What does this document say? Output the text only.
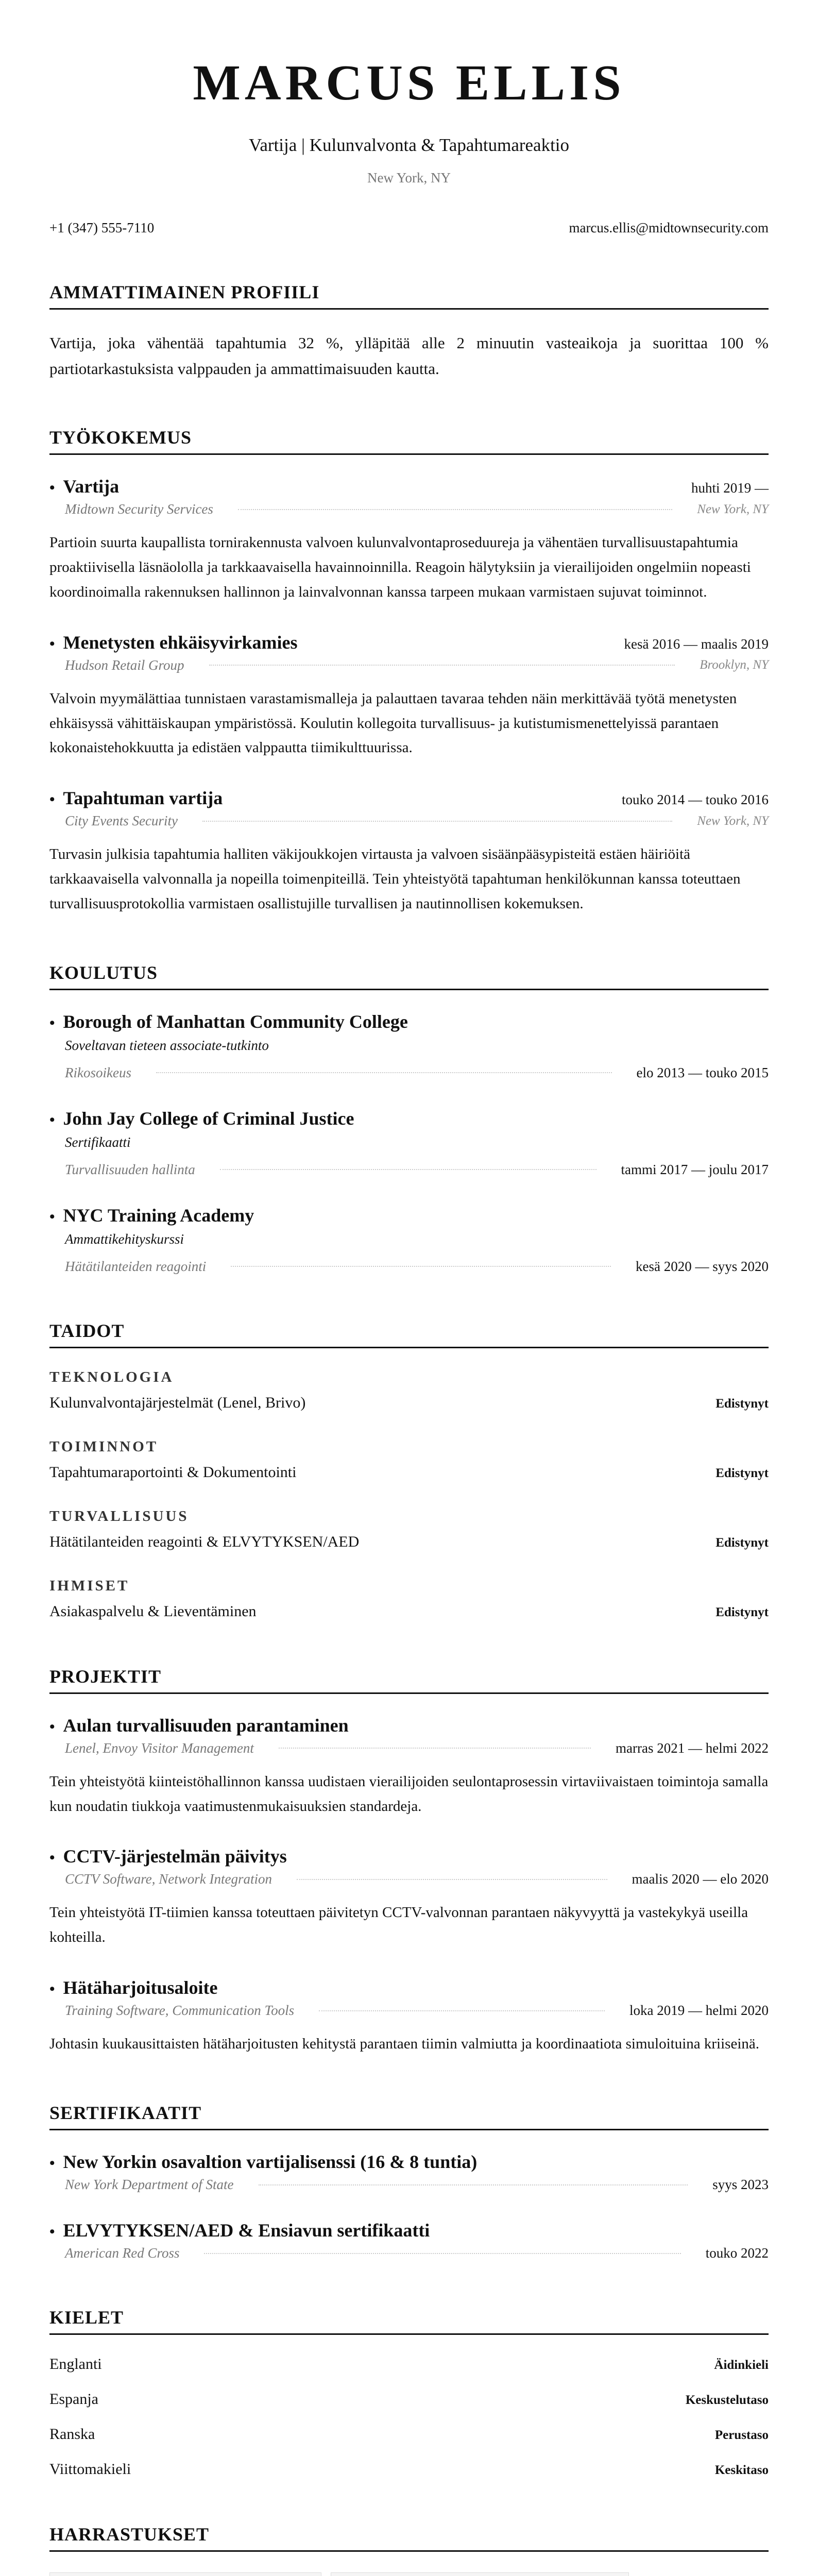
MARCUS ELLIS
Vartija | Kulunvalvonta & Tapahtumareaktio
New York, NY
+1 (347) 555-7110	marcus.ellis@midtownsecurity.com
AMMATTIMAINEN PROFIILI

Vartija, joka vähentää tapahtumia 32 %, ylläpitää alle 2 minuutin vasteaikoja ja suorittaa 100 % partiotarkastuksista valppauden ja ammattimaisuuden kautta.

TYÖKOKEMUS
• Vartija	huhti 2019 —
Midtown Security Services	New York, NY

Partioin suurta kaupallista tornirakennusta valvoen kulunvalvontaproseduureja ja vähentäen turvallisuustapahtumia proaktiivisella läsnäololla ja tarkkaavaisella havainnoinnilla. Reagoin hälytyksiin ja vierailijoiden ongelmiin nopeasti koordinoimalla rakennuksen hallinnon ja lainvalvonnan kanssa tarpeen mukaan varmistaen sujuvat toiminnot.

• Menetysten ehkäisyvirkamies	kesä 2016 — maalis 2019
Hudson Retail Group	Brooklyn, NY

Valvoin myymälättiaa tunnistaen varastamismalleja ja palauttaen tavaraa tehden näin merkittävää työtä menetysten ehkäisyssä vähittäiskaupan ympäristössä. Koulutin kollegoita turvallisuus- ja kutistumismenettelyissä parantaen kokonaistehokkuutta ja edistäen valppautta tiimikulttuurissa.

• Tapahtuman vartija	touko 2014 — touko 2016
City Events Security	New York, NY

Turvasin julkisia tapahtumia halliten väkijoukkojen virtausta ja valvoen sisäänpääsypisteitä estäen häiriöitä tarkkaavaisella valvonnalla ja nopeilla toimenpiteillä. Tein yhteistyötä tapahtuman henkilökunnan kanssa toteuttaen turvallisuusprotokollia varmistaen osallistujille turvallisen ja nautinnollisen kokemuksen.

KOULUTUS
• Borough of Manhattan Community College
Soveltavan tieteen associate-tutkinto
Rikosoikeus	elo 2013 — touko 2015
• John Jay College of Criminal Justice
Sertifikaatti
Turvallisuuden hallinta	tammi 2017 — joulu 2017
• NYC Training Academy
Ammattikehityskurssi
Hätätilanteiden reagointi	kesä 2020 — syys 2020
TAIDOT
TEKNOLOGIA
Kulunvalvontajärjestelmät (Lenel, Brivo)	Edistynyt
TOIMINNOT
Tapahtumaraportointi & Dokumentointi	Edistynyt
TURVALLISUUS
Hätätilanteiden reagointi & ELVYTYKSEN/AED	Edistynyt
IHMISET
Asiakaspalvelu & Lieventäminen	Edistynyt
PROJEKTIT
• Aulan turvallisuuden parantaminen
Lenel, Envoy Visitor Management	marras 2021 — helmi 2022

Tein yhteistyötä kiinteistöhallinnon kanssa uudistaen vierailijoiden seulontaprosessin virtaviivaistaen toimintoja samalla kun noudatin tiukkoja vaatimustenmukaisuuksien standardeja.

• CCTV-järjestelmän päivitys
CCTV Software, Network Integration	maalis 2020 — elo 2020

Tein yhteistyötä IT-tiimien kanssa toteuttaen päivitetyn CCTV-valvonnan parantaen näkyvyyttä ja vastekykyä useilla kohteilla.

• Hätäharjoitusaloite
Training Software, Communication Tools	loka 2019 — helmi 2020

Johtasin kuukausittaisten hätäharjoitusten kehitystä parantaen tiimin valmiutta ja koordinaatiota simuloituina kriiseinä.

SERTIFIKAATIT
• New Yorkin osavaltion vartijalisenssi (16 & 8 tuntia)
New York Department of State	syys 2023
• ELVYTYKSEN/AED & Ensiavun sertifikaatti
American Red Cross	touko 2022
KIELET
Englanti	Äidinkieli
Espanja	Keskustelutaso
Ranska	Perustaso
Viittomakieli	Keskitaso
HARRASTUKSET
